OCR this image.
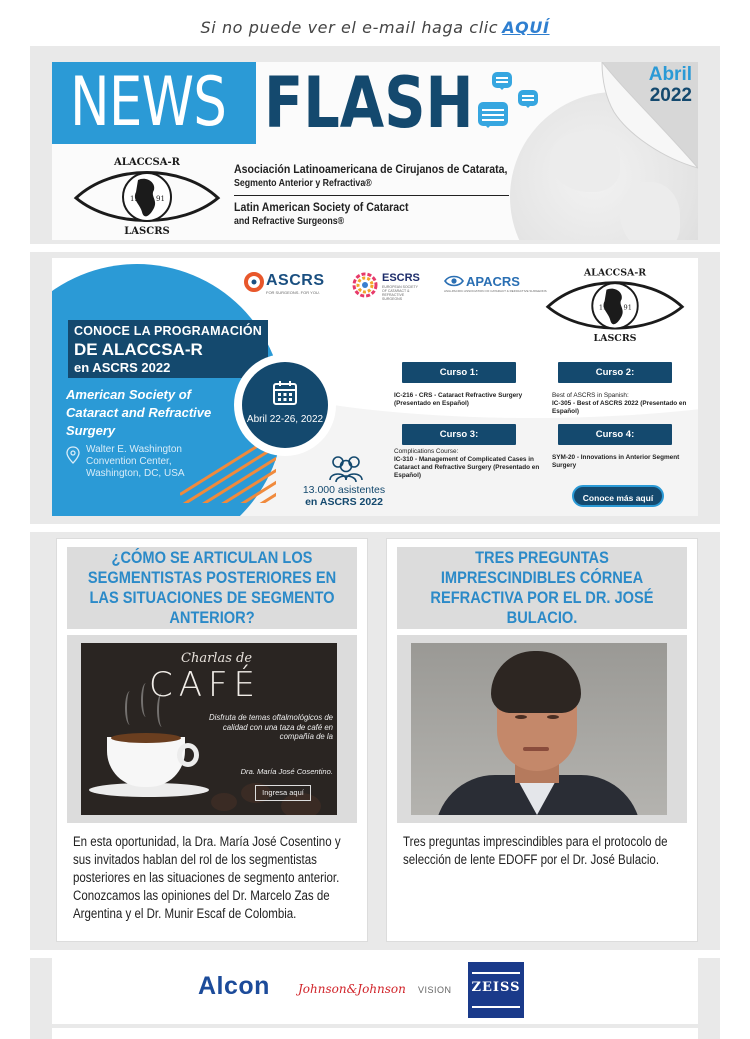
Si no puede ver el e-mail haga clic AQUÍ
NEWS FLASH	Abril
2022
ALACCSA-R
LASCRS
19 91
Asociación Latinoamericana de Cirujanos de Catarata,
Segmento Anterior y Refractiva®
Latin American Society of Cataract
and Refractive Surgeons®
CONOCE LA PROGRAMACIÓN
DE ALACCSA-R
en ASCRS 2022
American Society of Cataract and Refractive Surgery
Walter E. Washington
Convention Center,
Washington, DC, USA
Abril 22-26, 2022
13.000 asistentes
en ASCRS 2022
ASCRS
FOR SURGEONS. FOR YOU.
ESCRS
EUROPEAN SOCIETY OF CATARACT & REFRACTIVE SURGEONS
APACRS
ASIA-PACIFIC ASSOCIATION OF CATARACT & REFRACTIVE SURGEONS
ALACCSA-R
LASCRS
19 91
Curso 1:
IC-216 - CRS - Cataract Refractive Surgery (Presentado en Español)
Curso 2:
Best of ASCRS in Spanish:
IC-305 - Best of ASCRS 2022 (Presentado en Español)
Curso 3:
Complications Course:
IC-310 - Management of Complicated Cases in Cataract and Refractive Surgery (Presentado en Español)
Curso 4:
SYM-20 - Innovations in Anterior Segment Surgery
Conoce más aquí
¿CÓMO SE ARTICULAN LOS SEGMENTISTAS POSTERIORES EN LAS SITUACIONES DE SEGMENTO ANTERIOR?
Charlas de
CAFÉ
Disfruta de temas oftalmológicos de calidad con una taza de café en compañía de la
Dra. María José Cosentino.
Ingresa aquí
En esta oportunidad, la Dra. María José Cosentino y sus invitados hablan del rol de los segmentistas posteriores en las situaciones de segmento anterior. Conozcamos las opiniones del Dr. Marcelo Zas de Argentina y el Dr. Munir Escaf de Colombia.
TRES PREGUNTAS IMPRESCINDIBLES CÓRNEA REFRACTIVA POR EL DR. JOSÉ BULACIO.
Tres preguntas imprescindibles para el protocolo de selección de lente EDOFF por el Dr. José Bulacio.
Alcon Johnson&Johnson VISION ZEISS
